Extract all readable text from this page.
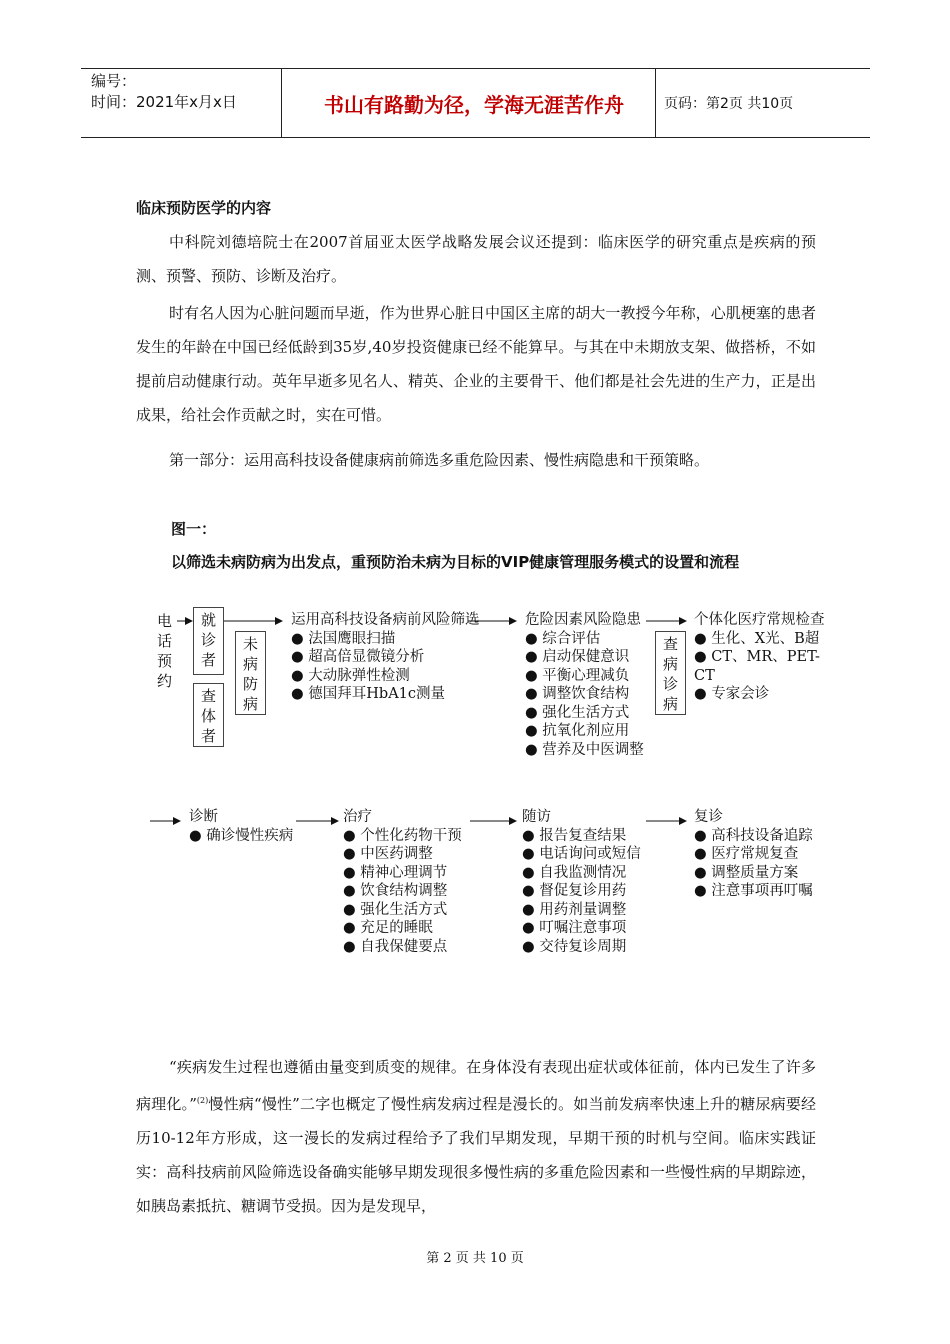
编号：
时间：2021年x月x日	书山有路勤为径，学海无涯苦作舟	页码：第2页 共10页
临床预防医学的内容

中科院刘德培院士在2007首届亚太医学战略发展会议还提到：临床医学的研究重点是疾病的预测、预警、预防、诊断及治疗。

时有名人因为心脏问题而早逝，作为世界心脏日中国区主席的胡大一教授今年称，心肌梗塞的患者发生的年龄在中国已经低龄到35岁,40岁投资健康已经不能算早。与其在中未期放支架、做搭桥，不如提前启动健康行动。英年早逝多见名人、精英、企业的主要骨干、他们都是社会先进的生产力，正是出成果，给社会作贡献之时，实在可惜。

第一部分：运用高科技设备健康病前筛选多重危险因素、慢性病隐患和干预策略。

图一：
以筛选未病防病为出发点，重预防治未病为目标的VIP健康管理服务模式的设置和流程
电话预约
就诊者
查体者
未病防病
运用高科技设备病前风险筛选
● 法国鹰眼扫描
● 超高倍显微镜分析
● 大动脉弹性检测
● 德国拜耳HbA1c测量
危险因素风险隐患
● 综合评估
● 启动保健意识
● 平衡心理减负
● 调整饮食结构
● 强化生活方式
● 抗氧化剂应用
● 营养及中医调整
查病诊病
个体化医疗常规检查
● 生化、X光、B超
● CT、MR、PET-CT
● 专家会诊
诊断
● 确诊慢性疾病
治疗
● 个性化药物干预
● 中医药调整
● 精神心理调节
● 饮食结构调整
● 强化生活方式
● 充足的睡眠
● 自我保健要点
随访
● 报告复查结果
● 电话询问或短信
● 自我监测情况
● 督促复诊用药
● 用药剂量调整
● 叮嘱注意事项
● 交待复诊周期
复诊
● 高科技设备追踪
● 医疗常规复查
● 调整质量方案
● 注意事项再叮嘱

“疾病发生过程也遵循由量变到质变的规律。在身体没有表现出症状或体征前，体内已发生了许多病理化。”$^{(2)}$慢性病“慢性”二字也概定了慢性病发病过程是漫长的。如当前发病率快速上升的糖尿病要经历10-12年方形成，这一漫长的发病过程给予了我们早期发现，早期干预的时机与空间。临床实践证实：高科技病前风险筛选设备确实能够早期发现很多慢性病的多重危险因素和一些慢性病的早期踪迹，如胰岛素抵抗、糖调节受损。因为是发现早，

第 2 页 共 10 页
